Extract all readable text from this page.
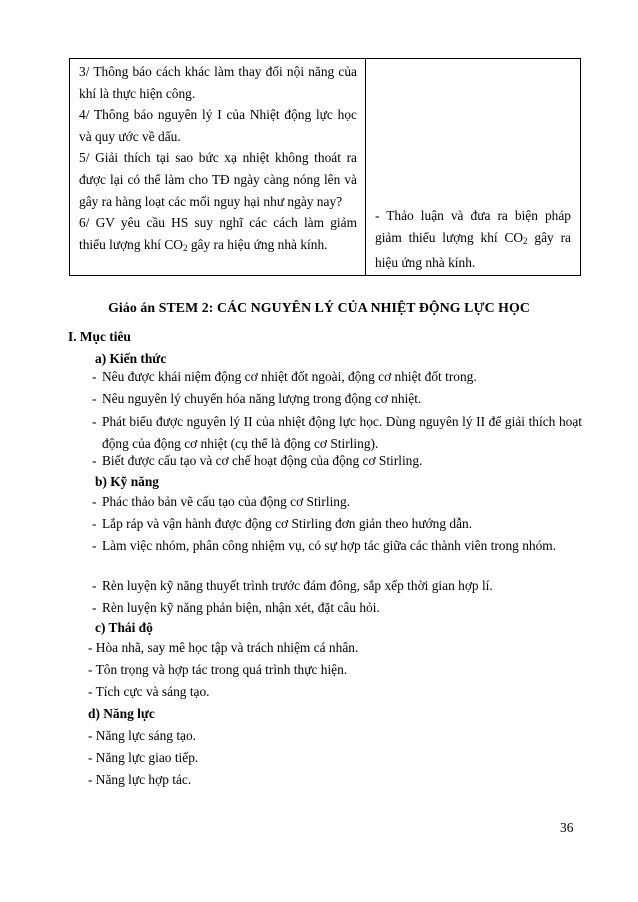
3/ Thông báo cách khác làm thay đổi nội năng của khí là thực hiện công.

4/ Thông báo nguyên lý I của Nhiệt động lực học và quy ước về dấu.

5/ Giải thích tại sao bức xạ nhiệt không thoát ra được lại có thể làm cho TĐ ngày càng nóng lên và gây ra hàng loạt các mối nguy hại như ngày nay?

6/ GV yêu cầu HS suy nghĩ các cách làm giảm thiểu lượng khí $CO_2$ gây ra hiệu ứng nhà kính.

- Thảo luận và đưa ra biện pháp giảm thiểu lượng khí $CO_2$ gây ra hiệu ứng nhà kính.

Giáo án STEM 2: CÁC NGUYÊN LÝ CỦA NHIỆT ĐỘNG LỰC HỌC
I. Mục tiêu
a) Kiến thức
- Nêu được khái niệm động cơ nhiệt đốt ngoài, động cơ nhiệt đốt trong.
- Nêu nguyên lý chuyển hóa năng lượng trong động cơ nhiệt.
- Phát biểu được nguyên lý II của nhiệt động lực học. Dùng nguyên lý II để giải thích hoạt động của động cơ nhiệt (cụ thể là động cơ Stirling).
- Biết được cấu tạo và cơ chế hoạt động của động cơ Stirling.
b) Kỹ năng
- Phác thảo bản vẽ cấu tạo của động cơ Stirling.
- Lắp ráp và vận hành được động cơ Stirling đơn giản theo hướng dẫn.
- Làm việc nhóm, phân công nhiệm vụ, có sự hợp tác giữa các thành viên trong nhóm.
- Rèn luyện kỹ năng thuyết trình trước đám đông, sắp xếp thời gian hợp lí.
- Rèn luyện kỹ năng phản biện, nhận xét, đặt câu hỏi.
c) Thái độ
- Hòa nhã, say mê học tập và trách nhiệm cá nhân.
- Tôn trọng và hợp tác trong quá trình thực hiện.
- Tích cực và sáng tạo.
d) Năng lực
- Năng lực sáng tạo.
- Năng lực giao tiếp.
- Năng lực hợp tác.
36
